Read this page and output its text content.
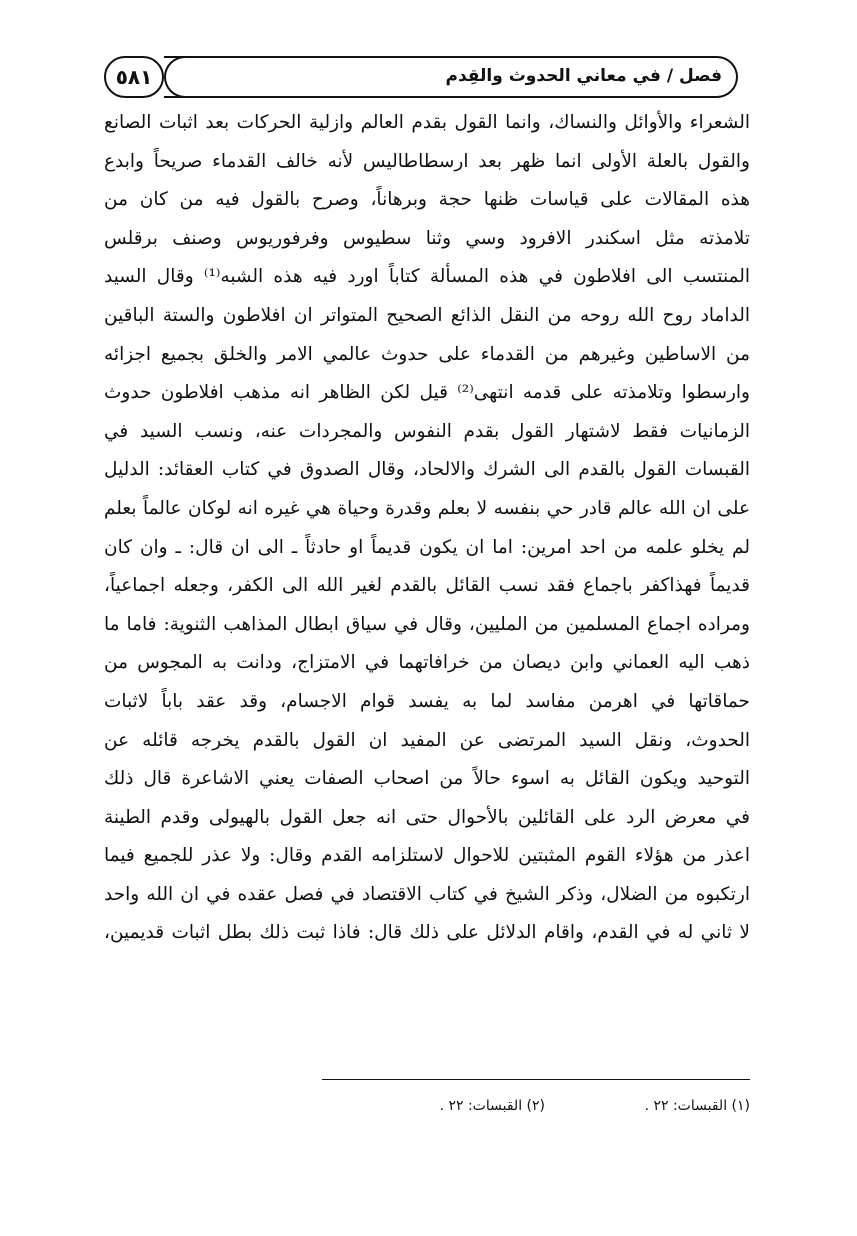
٥٨١	فصل / في معاني الحدوث والقِدم
الشعراء والأوائل والنساك، وانما القول بقدم العالم وازلية الحركات بعد اثبات الصانع
والقول بالعلة الأولى انما ظهر بعد ارسطاطاليس لأنه خالف القدماء صريحاً وابدع
هذه المقالات على قياسات ظنها حجة وبرهاناً، وصرح بالقول فيه من كان من
تلامذته مثل اسكندر الافرود وسي وثنا سطيوس وفرفوريوس وصنف برقلس
المنتسب الى افلاطون في هذه المسألة كتاباً اورد فيه هذه الشبه⁽¹⁾ وقال السيد
الداماد روح الله روحه من النقل الذائع الصحيح المتواتر ان افلاطون والستة الباقين
من الاساطين وغيرهم من القدماء على حدوث عالمي الامر والخلق بجميع اجزائه
وارسطوا وتلامذته على قدمه انتهى⁽²⁾ قيل لكن الظاهر انه مذهب افلاطون حدوث
الزمانيات فقط لاشتهار القول بقدم النفوس والمجردات عنه، ونسب السيد في
القبسات القول بالقدم الى الشرك والالحاد، وقال الصدوق في كتاب العقائد: الدليل
على ان الله عالم قادر حي بنفسه لا بعلم وقدرة وحياة هي غيره انه لوكان عالماً بعلم
لم يخلو علمه من احد امرين: اما ان يكون قديماً او حادثاً ـ الى ان قال: ـ وان كان
قديماً فهذاكفر باجماع فقد نسب القائل بالقدم لغير الله الى الكفر، وجعله اجماعياً،
ومراده اجماع المسلمين من المليين، وقال في سياق ابطال المذاهب الثنوية: فاما ما
ذهب اليه العماني وابن ديصان من خرافاتهما في الامتزاج، ودانت به المجوس من
حماقاتها في اهرمن مفاسد لما به يفسد قوام الاجسام، وقد عقد باباً لاثبات
الحدوث، ونقل السيد المرتضى عن المفيد ان القول بالقدم يخرجه قائله عن
التوحيد ويكون القائل به اسوء حالاً من اصحاب الصفات يعني الاشاعرة قال ذلك
في معرض الرد على القائلين بالأحوال حتى انه جعل القول بالهيولى وقدم الطينة
اعذر من هؤلاء القوم المثبتين للاحوال لاستلزامه القدم وقال: ولا عذر للجميع فيما
ارتكبوه من الضلال، وذكر الشيخ في كتاب الاقتصاد في فصل عقده في ان الله واحد
لا ثاني له في القدم، واقام الدلائل على ذلك قال: فاذا ثبت ذلك بطل اثبات قديمين،
(١) القبسات: ٢٢ .
(٢) القبسات: ٢٢ .
